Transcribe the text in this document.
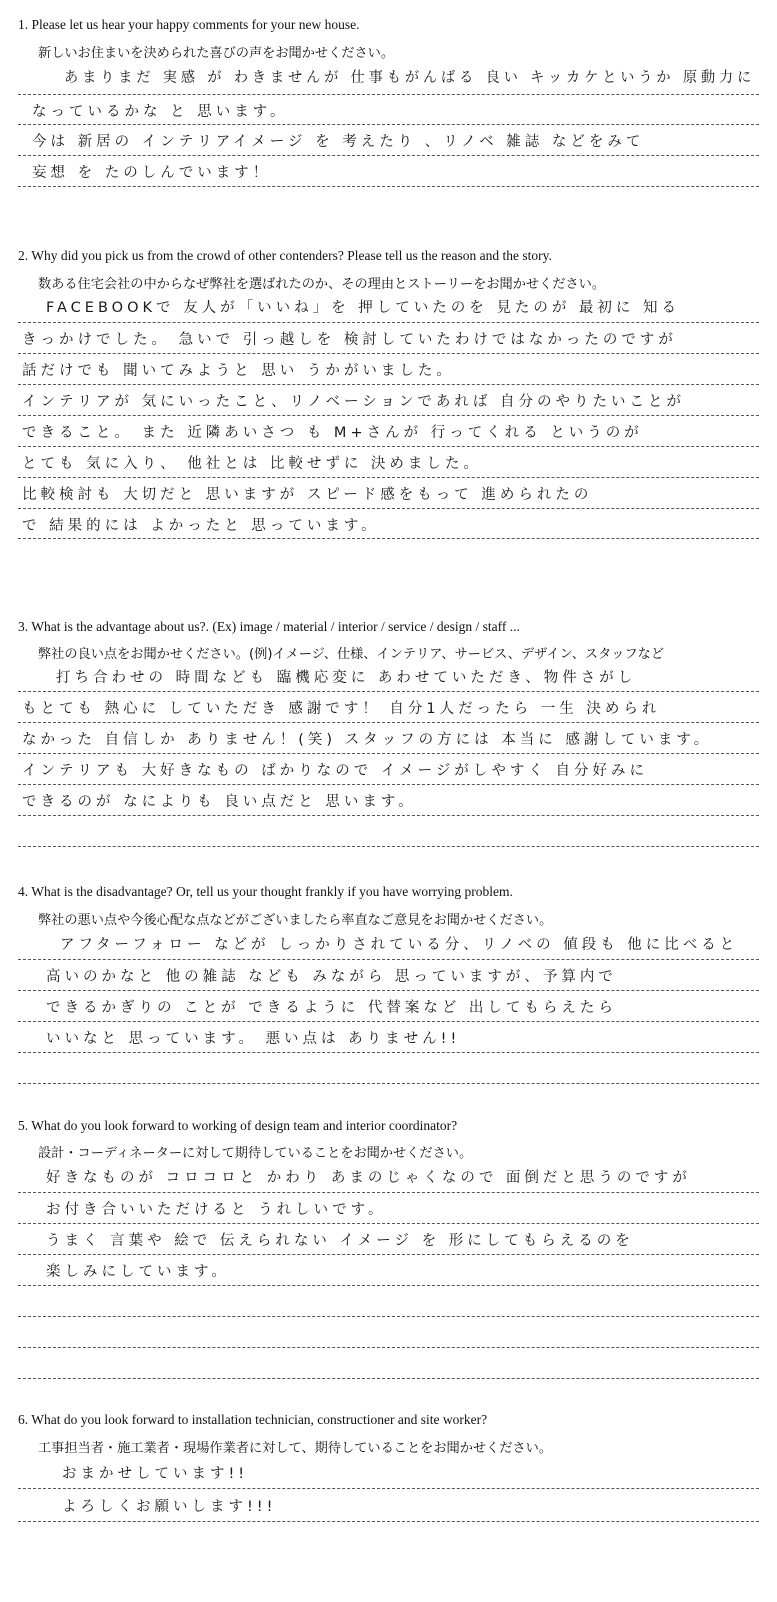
1. Please let us hear your happy comments for your new house.
新しいお住まいを決められた喜びの声をお聞かせください。
あまりまだ 実感 が わきませんが 仕事もがんばる 良い キッカケというか 原動力に
なっているかな と 思います。
今は 新居の インテリアイメージ を 考えたり 、リノベ 雑誌 などをみて
妄想 を たのしんでいます！
2. Why did you pick us from the crowd of other contenders? Please tell us the reason and the story.
数ある住宅会社の中からなぜ弊社を選ばれたのか、その理由とストーリーをお聞かせください。
FACEBOOKで 友人が「いいね」を 押していたのを 見たのが 最初に 知る
きっかけでした。 急いで 引っ越しを 検討していたわけではなかったのですが
話だけでも 聞いてみようと 思い うかがいました。
インテリアが 気にいったこと、リノベーションであれば 自分のやりたいことが
できること。 また 近隣あいさつ も M+さんが 行ってくれる というのが
とても 気に入り、 他社とは 比較せずに 決めました。
比較検討も 大切だと 思いますが スピード感をもって 進められたの
で 結果的には よかったと 思っています。
3. What is the advantage about us?. (Ex) image / material / interior / service / design / staff ...
弊社の良い点をお聞かせください。(例)イメージ、仕様、インテリア、サービス、デザイン、スタッフなど
打ち合わせの 時間なども 臨機応変に あわせていただき、物件さがし
もとても 熱心に していただき 感謝です！ 自分1人だったら 一生 決められ
なかった 自信しか ありません！(笑) スタッフの方には 本当に 感謝しています。
インテリアも 大好きなもの ばかりなので イメージがしやすく 自分好みに
できるのが なによりも 良い点だと 思います。
4. What is the disadvantage? Or, tell us your thought frankly if you have worrying problem.
弊社の悪い点や今後心配な点などがございましたら率直なご意見をお聞かせください。
アフターフォロー などが しっかりされている分、リノベの 値段も 他に比べると
高いのかなと 他の雑誌 なども みながら 思っていますが、予算内で
できるかぎりの ことが できるように 代替案など 出してもらえたら
いいなと 思っています。 悪い点は ありません!!
5. What do you look forward to working of design team and interior coordinator?
設計・コーディネーターに対して期待していることをお聞かせください。
好きなものが コロコロと かわり あまのじゃくなので 面倒だと思うのですが
お付き合いいただけると うれしいです。
うまく 言葉や 絵で 伝えられない イメージ を 形にしてもらえるのを
楽しみにしています。
6. What do you look forward to installation technician, constructioner and site worker?
工事担当者・施工業者・現場作業者に対して、期待していることをお聞かせください。
おまかせしています!!
よろしくお願いします!!!
